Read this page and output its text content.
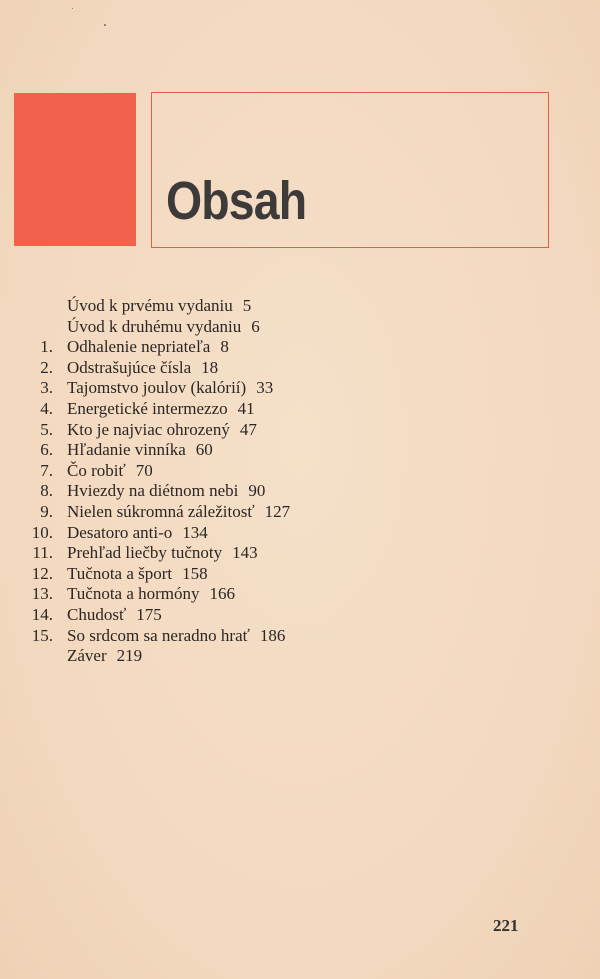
Obsah
Úvod k prvému vydaniu 5
Úvod k druhému vydaniu 6
1. Odhalenie nepriateľa 8
2. Odstrašujúce čísla 18
3. Tajomstvo joulov (kalórií) 33
4. Energetické intermezzo 41
5. Kto je najviac ohrozený 47
6. Hľadanie vinníka 60
7. Čo robiť 70
8. Hviezdy na diétnom nebi 90
9. Nielen súkromná záležitosť 127
10. Desatoro anti-o 134
11. Prehľad liečby tučnoty 143
12. Tučnota a šport 158
13. Tučnota a hormóny 166
14. Chudosť 175
15. So srdcom sa neradno hrať 186
Záver 219
221
